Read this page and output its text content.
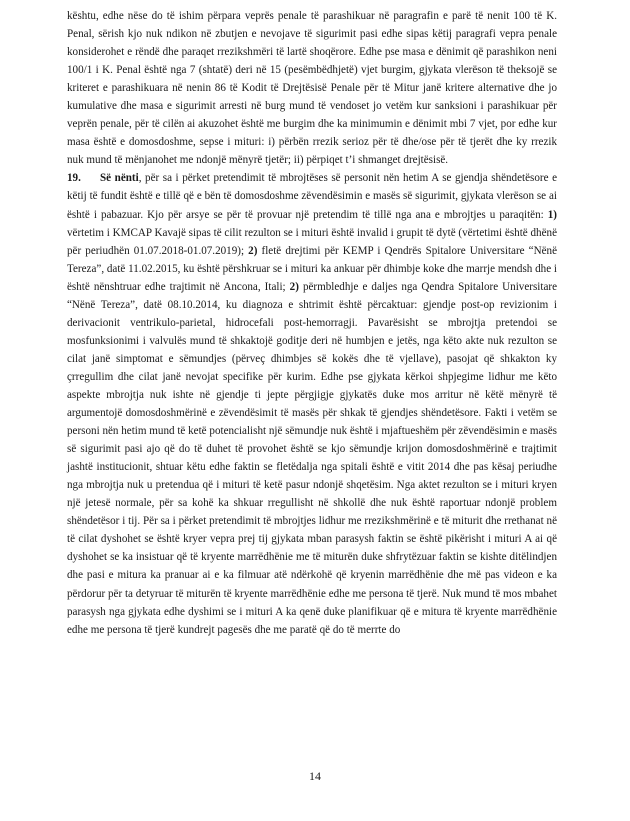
kështu, edhe nëse do të ishim përpara veprës penale të parashikuar në paragrafin e parë të nenit 100 të K. Penal, sërish kjo nuk ndikon në zbutjen e nevojave të sigurimit pasi edhe sipas këtij paragrafi vepra penale konsiderohet e rëndë dhe paraqet rrezikshmëri të lartë shoqërore. Edhe pse masa e dënimit që parashikon neni 100/1 i K. Penal është nga 7 (shtatë) deri në 15 (pesëmbëdhjetë) vjet burgim, gjykata vlerëson të theksojë se kriteret e parashikuara në nenin 86 të Kodit të Drejtësisë Penale për të Mitur janë kritere alternative dhe jo kumulative dhe masa e sigurimit arresti në burg mund të vendoset jo vetëm kur sanksioni i parashikuar për veprën penale, për të cilën ai akuzohet është me burgim dhe ka minimumin e dënimit mbi 7 vjet, por edhe kur masa është e domosdoshme, sepse i mituri: i) përbën rrezik serioz për të dhe/ose për të tjerët dhe ky rrezik nuk mund të mënjanohet me ndonjë mënyrë tjetër; ii) përpiqet t’i shmanget drejtësisë.

19. Së nënti, për sa i përket pretendimit të mbrojtëses së personit nën hetim A se gjendja shëndetësore e këtij të fundit është e tillë që e bën të domosdoshme zëvendësimin e masës së sigurimit, gjykata vlerëson se ai është i pabazuar. Kjo për arsye se për të provuar një pretendim të tillë nga ana e mbrojtjes u paraqitën: 1) vërtetim i KMCAP Kavajë sipas të cilit rezulton se i mituri është invalid i grupit të dytë (vërtetimi është dhënë për periudhën 01.07.2018-01.07.2019); 2) fletë drejtimi për KEMP i Qendrës Spitalore Universitare “Nënë Tereza”, datë 11.02.2015, ku është përshkruar se i mituri ka ankuar për dhimbje koke dhe marrje mendsh dhe i është nënshtruar edhe trajtimit në Ancona, Itali; 2) përmbledhje e daljes nga Qendra Spitalore Universitare “Nënë Tereza”, datë 08.10.2014, ku diagnoza e shtrimit është përcaktuar: gjendje post-op revizionim i derivacionit ventrikulo-parietal, hidrocefali post-hemorragji. Pavarësisht se mbrojtja pretendoi se mosfunksionimi i valvulës mund të shkaktojë goditje deri në humbjen e jetës, nga këto akte nuk rezulton se cilat janë simptomat e sëmundjes (përveç dhimbjes së kokës dhe të vjellave), pasojat që shkakton ky çrregullim dhe cilat janë nevojat specifike për kurim. Edhe pse gjykata kërkoi shpjegime lidhur me këto aspekte mbrojtja nuk ishte në gjendje ti jepte përgjigje gjykatës duke mos arritur në këtë mënyrë të argumentojë domosdoshmërinë e zëvendësimit të masës për shkak të gjendjes shëndetësore. Fakti i vetëm se personi nën hetim mund të ketë potencialisht një sëmundje nuk është i mjaftueshëm për zëvendësimin e masës së sigurimit pasi ajo që do të duhet të provohet është se kjo sëmundje krijon domosdoshmërinë e trajtimit jashtë institucionit, shtuar këtu edhe faktin se fletëdalja nga spitali është e vitit 2014 dhe pas kësaj periudhe nga mbrojtja nuk u pretendua që i mituri të ketë pasur ndonjë shqetësim. Nga aktet rezulton se i mituri kryen një jetesë normale, për sa kohë ka shkuar rregullisht në shkollë dhe nuk është raportuar ndonjë problem shëndetësor i tij. Për sa i përket pretendimit të mbrojtjes lidhur me rrezikshmërinë e të miturit dhe rrethanat në të cilat dyshohet se është kryer vepra prej tij gjykata mban parasysh faktin se është pikërisht i mituri A ai që dyshohet se ka insistuar që të kryente marrëdhënie me të miturën duke shfrytëzuar faktin se kishte ditëlindjen dhe pasi e mitura ka pranuar ai e ka filmuar atë ndërkohë që kryenin marrëdhënie dhe më pas videon e ka përdorur për ta detyruar të miturën të kryente marrëdhënie edhe me persona të tjerë. Nuk mund të mos mbahet parasysh nga gjykata edhe dyshimi se i mituri A ka qenë duke planifikuar që e mitura të kryente marrëdhënie edhe me persona të tjerë kundrejt pagesës dhe me paratë që do të merrte do

14
